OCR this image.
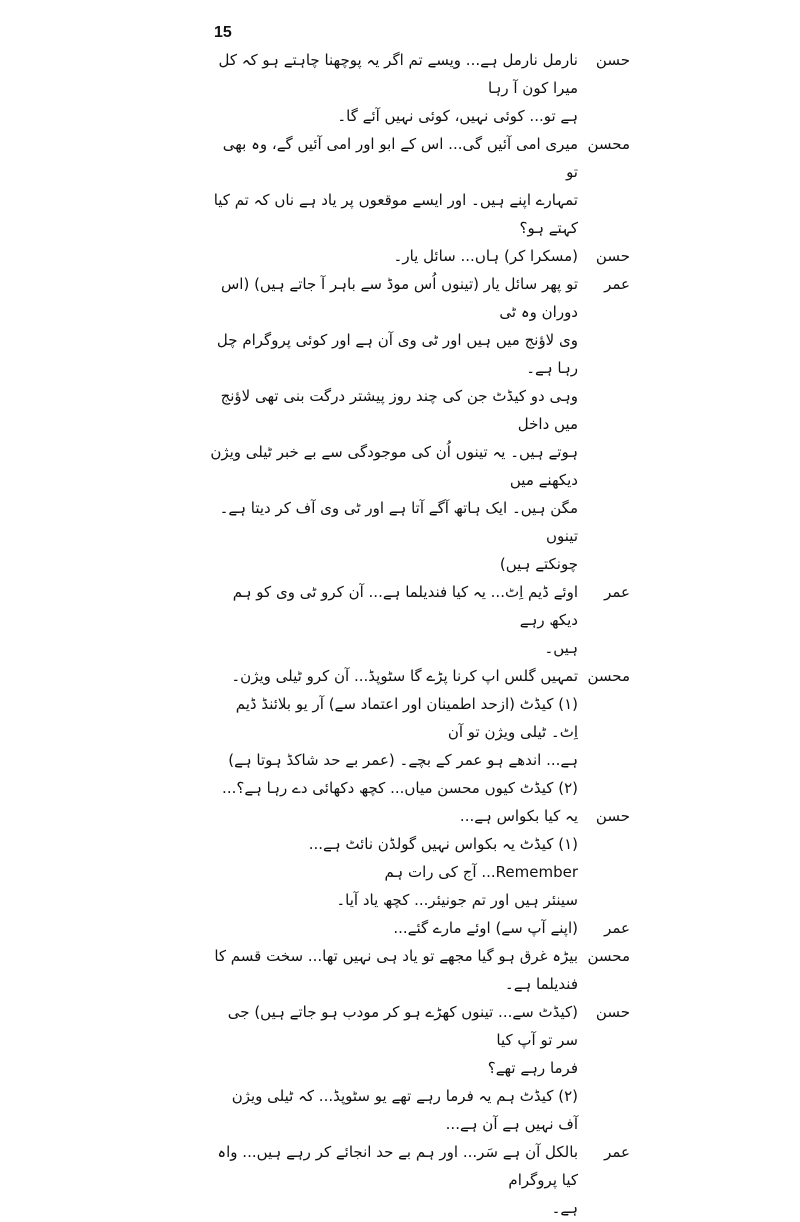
15
حسن
نارمل نارمل ہے... ویسے تم اگر یہ پوچھنا چاہتے ہو کہ کل میرا کون آ رہا
ہے تو... کوئی نہیں، کوئی نہیں آئے گا۔
محسن
میری امی آئیں گی... اس کے ابو اور امی آئیں گے، وہ بھی تو
تمہارے اپنے ہیں۔ اور ایسے موقعوں پر یاد ہے ناں کہ تم کیا کہتے ہو؟
حسن
(مسکرا کر) ہاں... سائل یار۔
عمر
تو پھر سائل یار (تینوں اُس موڈ سے باہر آ جاتے ہیں) (اس دوران وہ ٹی
وی لاؤنج میں ہیں اور ٹی وی آن ہے اور کوئی پروگرام چل رہا ہے۔
وہی دو کیڈٹ جن کی چند روز پیشتر درگت بنی تھی لاؤنج میں داخل
ہوتے ہیں۔ یہ تینوں اُن کی موجودگی سے بے خبر ٹیلی ویژن دیکھنے میں
مگن ہیں۔ ایک ہاتھ آگے آتا ہے اور ٹی وی آف کر دیتا ہے۔ تینوں
چونکتے ہیں)
عمر
اوئے ڈیم اِٹ... یہ کیا فندیلما ہے... آن کرو ٹی وی کو ہم دیکھ رہے
ہیں۔
محسن
تمہیں گلس اپ کرنا پڑے گا سٹوپڈ... آن کرو ٹیلی ویژن۔
(۱) کیڈٹ (ازحد اطمینان اور اعتماد سے) آر یو بلائنڈ ڈیم اِٹ۔ ٹیلی ویژن تو آن
ہے... اندھے ہو عمر کے بچے۔ (عمر بے حد شاکڈ ہوتا ہے)
(۲) کیڈٹ کیوں محسن میاں... کچھ دکھائی دے رہا ہے؟...
حسن
یہ کیا بکواس ہے...
(۱) کیڈٹ یہ بکواس نہیں گولڈن نائٹ ہے... Remember... آج کی رات ہم
سینئر ہیں اور تم جونیئر... کچھ یاد آیا۔
عمر
(اپنے آپ سے) اوئے مارے گئے...
محسن
بیڑہ غرق ہو گیا مجھے تو یاد ہی نہیں تھا... سخت قسم کا فندیلما ہے۔
حسن
(کیڈٹ سے... تینوں کھڑے ہو کر مودب ہو جاتے ہیں) جی سر تو آپ کیا
فرما رہے تھے؟
(۲) کیڈٹ ہم یہ فرما رہے تھے یو سٹوپڈ... کہ ٹیلی ویژن آف نہیں ہے آن ہے...
عمر
بالکل آن ہے سَر... اور ہم بے حد انجائے کر رہے ہیں... واہ کیا پروگرام
ہے۔
